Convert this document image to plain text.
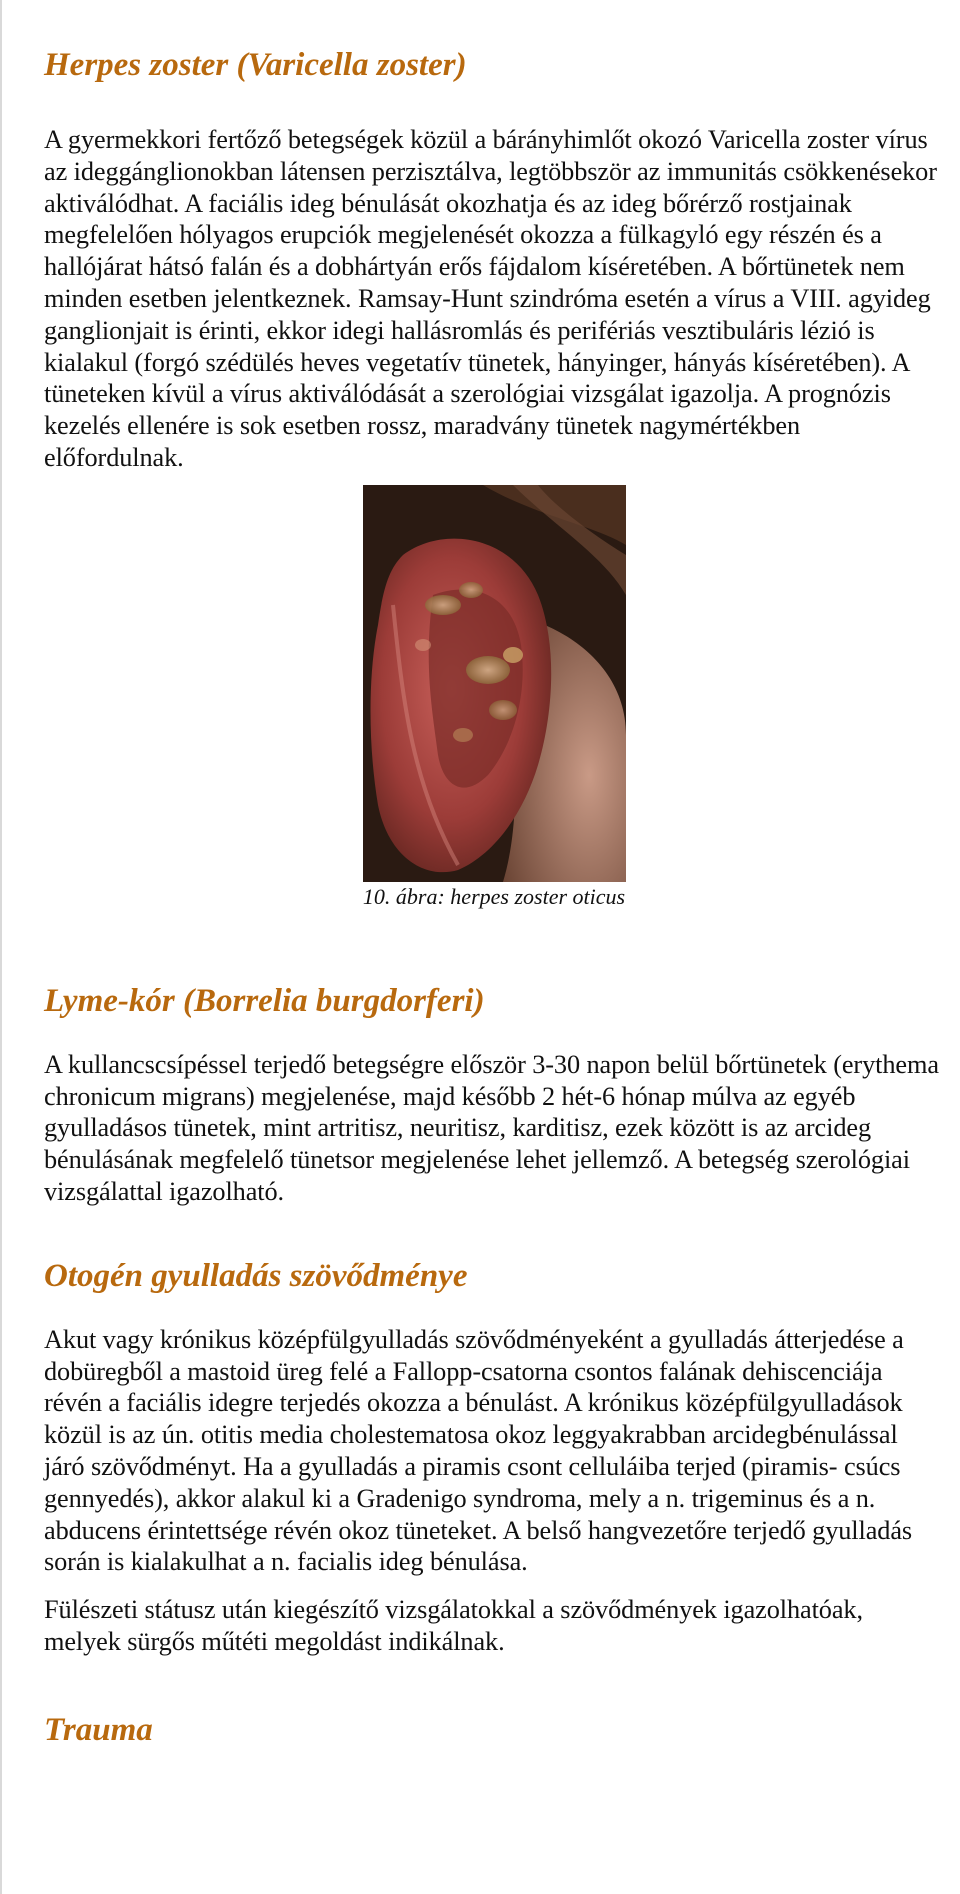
Herpes zoster (Varicella zoster)

A gyermekkori fertőző betegségek közül a bárányhimlőt okozó Varicella zoster vírus az ideggánglionokban látensen perzisztálva, legtöbbször az immunitás csökkenésekor aktiválódhat. A faciális ideg bénulását okozhatja és az ideg bőrérző rostjainak megfelelően hólyagos erupciók megjelenését okozza a fülkagyló egy részén és a hallójárat hátsó falán és a dobhártyán erős fájdalom kíséretében. A bőrtünetek nem minden esetben jelentkeznek. Ramsay-Hunt szindróma esetén a vírus a VIII. agyideg ganglionjait is érinti, ekkor idegi hallásromlás és perifériás vesztibuláris lézió is kialakul (forgó szédülés heves vegetatív tünetek, hányinger, hányás kíséretében). A tüneteken kívül a vírus aktiválódását a szerológiai vizsgálat igazolja. A prognózis kezelés ellenére is sok esetben rossz, maradvány tünetek nagymértékben előfordulnak.

10. ábra: herpes zoster oticus
Lyme-kór (Borrelia burgdorferi)

A kullancscsípéssel terjedő betegségre először 3-30 napon belül bőrtünetek (erythema chronicum migrans) megjelenése, majd később 2 hét-6 hónap múlva az egyéb gyulladásos tünetek, mint artritisz, neuritisz, karditisz, ezek között is az arcideg bénulásának megfelelő tünetsor megjelenése lehet jellemző. A betegség szerológiai vizsgálattal igazolható.

Otogén gyulladás szövődménye

Akut vagy krónikus középfülgyulladás szövődményeként a gyulladás átterjedése a dobüregből a mastoid üreg felé a Fallopp-csatorna csontos falának dehiscenciája révén a faciális idegre terjedés okozza a bénulást. A krónikus középfülgyulladások közül is az ún. otitis media cholestematosa okoz leggyakrabban arcidegbénulással járó szövődményt. Ha a gyulladás a piramis csont celluláiba terjed (piramis- csúcs gennyedés), akkor alakul ki a Gradenigo syndroma, mely a n. trigeminus és a n. abducens érintettsége révén okoz tüneteket. A belső hangvezetőre terjedő gyulladás során is kialakulhat a n. facialis ideg bénulása.

Fülészeti státusz után kiegészítő vizsgálatokkal a szövődmények igazolhatóak, melyek sürgős műtéti megoldást indikálnak.

Trauma
